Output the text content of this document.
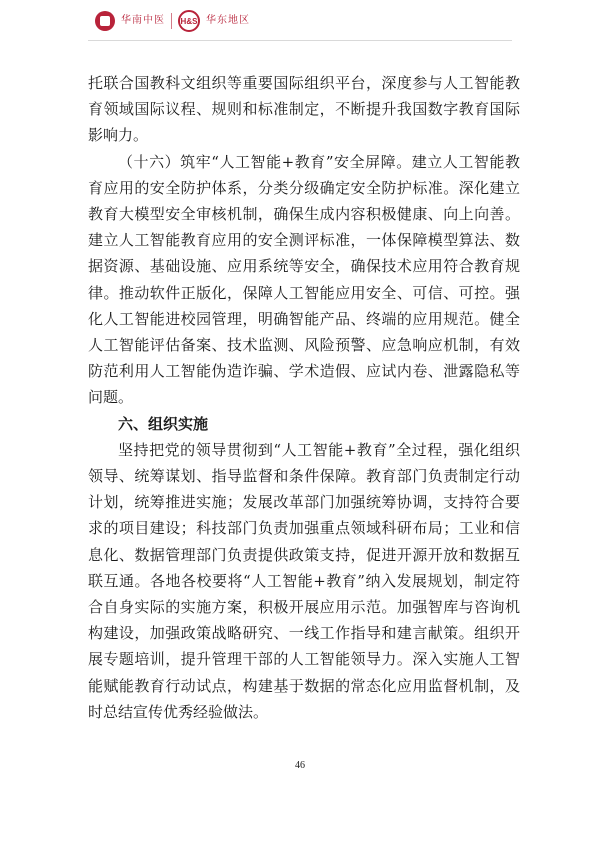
华南中医	H&S 华东地区

托联合国教科文组织等重要国际组织平台，深度参与人工智能教育领域国际议程、规则和标准制定，不断提升我国数字教育国际影响力。

（十六）筑牢“人工智能+教育”安全屏障。建立人工智能教育应用的安全防护体系，分类分级确定安全防护标准。深化建立教育大模型安全审核机制，确保生成内容积极健康、向上向善。建立人工智能教育应用的安全测评标准，一体保障模型算法、数据资源、基础设施、应用系统等安全，确保技术应用符合教育规律。推动软件正版化，保障人工智能应用安全、可信、可控。强化人工智能进校园管理，明确智能产品、终端的应用规范。健全人工智能评估备案、技术监测、风险预警、应急响应机制，有效防范利用人工智能伪造诈骗、学术造假、应试内卷、泄露隐私等问题。

六、组织实施

坚持把党的领导贯彻到“人工智能+教育”全过程，强化组织领导、统筹谋划、指导监督和条件保障。教育部门负责制定行动计划，统筹推进实施；发展改革部门加强统筹协调，支持符合要求的项目建设；科技部门负责加强重点领域科研布局；工业和信息化、数据管理部门负责提供政策支持，促进开源开放和数据互联互通。各地各校要将“人工智能+教育”纳入发展规划，制定符合自身实际的实施方案，积极开展应用示范。加强智库与咨询机构建设，加强政策战略研究、一线工作指导和建言献策。组织开展专题培训，提升管理干部的人工智能领导力。深入实施人工智能赋能教育行动试点，构建基于数据的常态化应用监督机制，及时总结宣传优秀经验做法。

46
